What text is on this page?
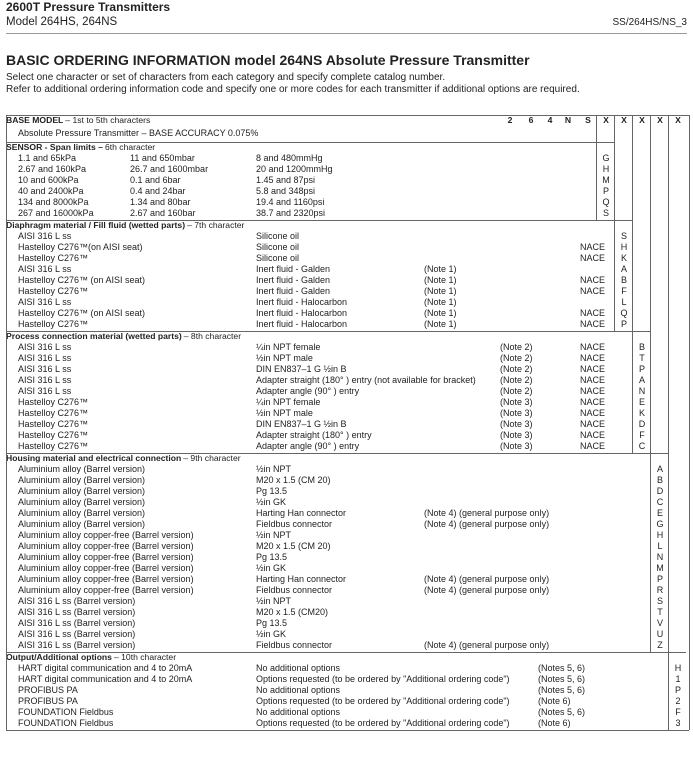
2600T Pressure Transmitters
Model 264HS, 264NS	SS/264HS/NS_3
BASIC ORDERING INFORMATION model 264NS Absolute Pressure Transmitter
Select one character or set of characters from each category and specify complete catalog number.
Refer to additional ordering information code and specify one or more codes for each transmitter if additional options are required.
BASE MODEL – 1st to 5th characters	2	6	4	N	S	X	X	X	X	X
Absolute Pressure Transmitter – BASE ACCURACY 0.075%
SENSOR - Span limits – 6th character
1.1 and 65kPa	11 and 650mbar	8 and 480mmHg	G
2.67 and 160kPa	26.7 and 1600mbar	20 and 1200mmHg	H
10 and 600kPa	0.1 and 6bar	1.45 and 87psi	M
40 and 2400kPa	0.4 and 24bar	5.8 and 348psi	P
134 and 8000kPa	1.34 and 80bar	19.4 and 1160psi	Q
267 and 16000kPa	2.67 and 160bar	38.7 and 2320psi	S
Diaphragm material / Fill fluid (wetted parts) – 7th character
AISI 316 L ss	Silicone oil	S
Hastelloy C276™(on AISI seat)	Silicone oil	NACE	H
Hastelloy C276™	Silicone oil	NACE	K
AISI 316 L ss	Inert fluid - Galden	(Note 1)	A
Hastelloy C276™ (on AISI seat)	Inert fluid - Galden	(Note 1)	NACE	B
Hastelloy C276™	Inert fluid - Galden	(Note 1)	NACE	F
AISI 316 L ss	Inert fluid - Halocarbon	(Note 1)	L
Hastelloy C276™ (on AISI seat)	Inert fluid - Halocarbon	(Note 1)	NACE Q
Hastelloy C276™	Inert fluid - Halocarbon	(Note 1)	NACE	P
Process connection material (wetted parts) – 8th character
AISI 316 L ss	¼in NPT female	(Note 2)	NACE	B
AISI 316 L ss	½in NPT male	(Note 2)	NACE	T
AISI 316 L ss	DIN EN837–1 G ½in B	(Note 2)	NACE	P
AISI 316 L ss	Adapter straight (180° ) entry (not available for bracket)	(Note 2)	NACE	A
AISI 316 L ss	Adapter angle (90° ) entry	(Note 2)	NACE	N
Hastelloy C276™	¼in NPT female	(Note 3)	NACE	E
Hastelloy C276™	½in NPT male	(Note 3)	NACE	K
Hastelloy C276™	DIN EN837–1 G ½in B	(Note 3)	NACE	D
Hastelloy C276™	Adapter straight (180° ) entry	(Note 3)	NACE	F
Hastelloy C276™	Adapter angle (90° ) entry	(Note 3)	NACE	C
Housing material and electrical connection – 9th character
Aluminium alloy (Barrel version)	½in NPT	A
Aluminium alloy (Barrel version)	M20 x 1.5 (CM 20)	B
Aluminium alloy (Barrel version)	Pg 13.5	D
Aluminium alloy (Barrel version)	½in GK	C
Aluminium alloy (Barrel version)	Harting Han connector	(Note 4) (general purpose only)	E
Aluminium alloy (Barrel version)	Fieldbus connector	(Note 4) (general purpose only)	G
Aluminium alloy copper-free (Barrel version)	½in NPT	H
Aluminium alloy copper-free (Barrel version)	M20 x 1.5 (CM 20)	L
Aluminium alloy copper-free (Barrel version)	Pg 13.5	N
Aluminium alloy copper-free (Barrel version)	½in GK	M
Aluminium alloy copper-free (Barrel version)	Harting Han connector	(Note 4) (general purpose only)	P
Aluminium alloy copper-free (Barrel version)	Fieldbus connector	(Note 4) (general purpose only)	R
AISI 316 L ss (Barrel version)	½in NPT	S
AISI 316 L ss (Barrel version)	M20 x 1.5 (CM20)	T
AISI 316 L ss (Barrel version)	Pg 13.5	V
AISI 316 L ss (Barrel version)	½in GK	U
AISI 316 L ss (Barrel version)	Fieldbus connector	(Note 4) (general purpose only)	Z
Output/Additional options – 10th character
HART digital communication and 4 to 20mA	No additional options	(Notes 5, 6)	H
HART digital communication and 4 to 20mA	Options requested (to be ordered by "Additional ordering code")	(Notes 5, 6)	1
PROFIBUS PA	No additional options	(Notes 5, 6)	P
PROFIBUS PA	Options requested (to be ordered by "Additional ordering code")	(Note 6)	2
FOUNDATION Fieldbus	No additional options	(Notes 5, 6)	F
FOUNDATION Fieldbus	Options requested (to be ordered by "Additional ordering code")	(Note 6)	3
